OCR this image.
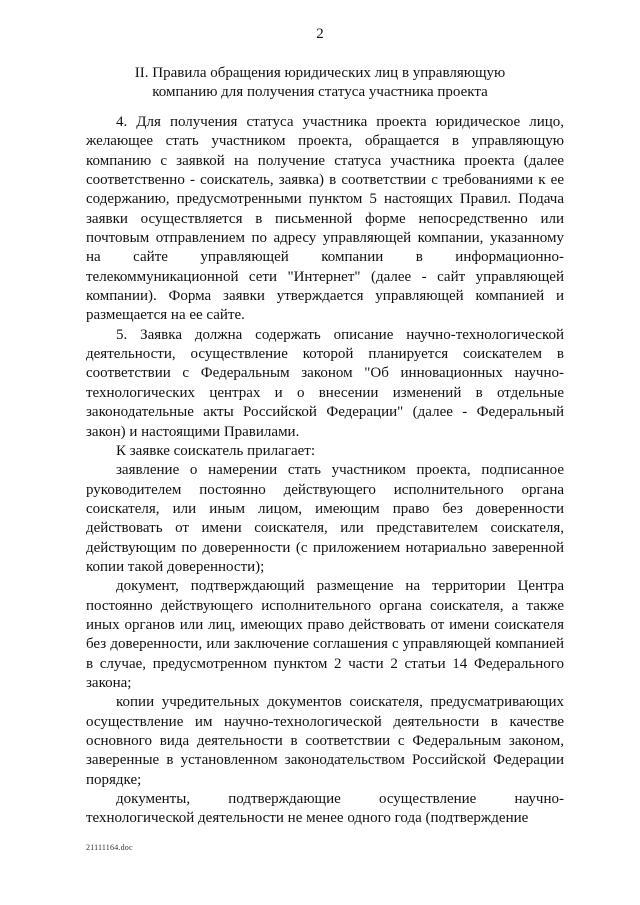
2
II. Правила обращения юридических лиц в управляющую компанию для получения статуса участника проекта

4. Для получения статуса участника проекта юридическое лицо, желающее стать участником проекта, обращается в управляющую компанию с заявкой на получение статуса участника проекта (далее соответственно - соискатель, заявка) в соответствии с требованиями к ее содержанию, предусмотренными пунктом 5 настоящих Правил. Подача заявки осуществляется в письменной форме непосредственно или почтовым отправлением по адресу управляющей компании, указанному на сайте управляющей компании в информационно-телекоммуникационной сети "Интернет" (далее - сайт управляющей компании). Форма заявки утверждается управляющей компанией и размещается на ее сайте.

5. Заявка должна содержать описание научно-технологической деятельности, осуществление которой планируется соискателем в соответствии с Федеральным законом "Об инновационных научно-технологических центрах и о внесении изменений в отдельные законодательные акты Российской Федерации" (далее - Федеральный закон) и настоящими Правилами.

К заявке соискатель прилагает:

заявление о намерении стать участником проекта, подписанное руководителем постоянно действующего исполнительного органа соискателя, или иным лицом, имеющим право без доверенности действовать от имени соискателя, или представителем соискателя, действующим по доверенности (с приложением нотариально заверенной копии такой доверенности);

документ, подтверждающий размещение на территории Центра постоянно действующего исполнительного органа соискателя, а также иных органов или лиц, имеющих право действовать от имени соискателя без доверенности, или заключение соглашения с управляющей компанией в случае, предусмотренном пунктом 2 части 2 статьи 14 Федерального закона;

копии учредительных документов соискателя, предусматривающих осуществление им научно-технологической деятельности в качестве основного вида деятельности в соответствии с Федеральным законом, заверенные в установленном законодательством Российской Федерации порядке;

документы, подтверждающие осуществление научно-технологической деятельности не менее одного года (подтверждение

21111164.doc
